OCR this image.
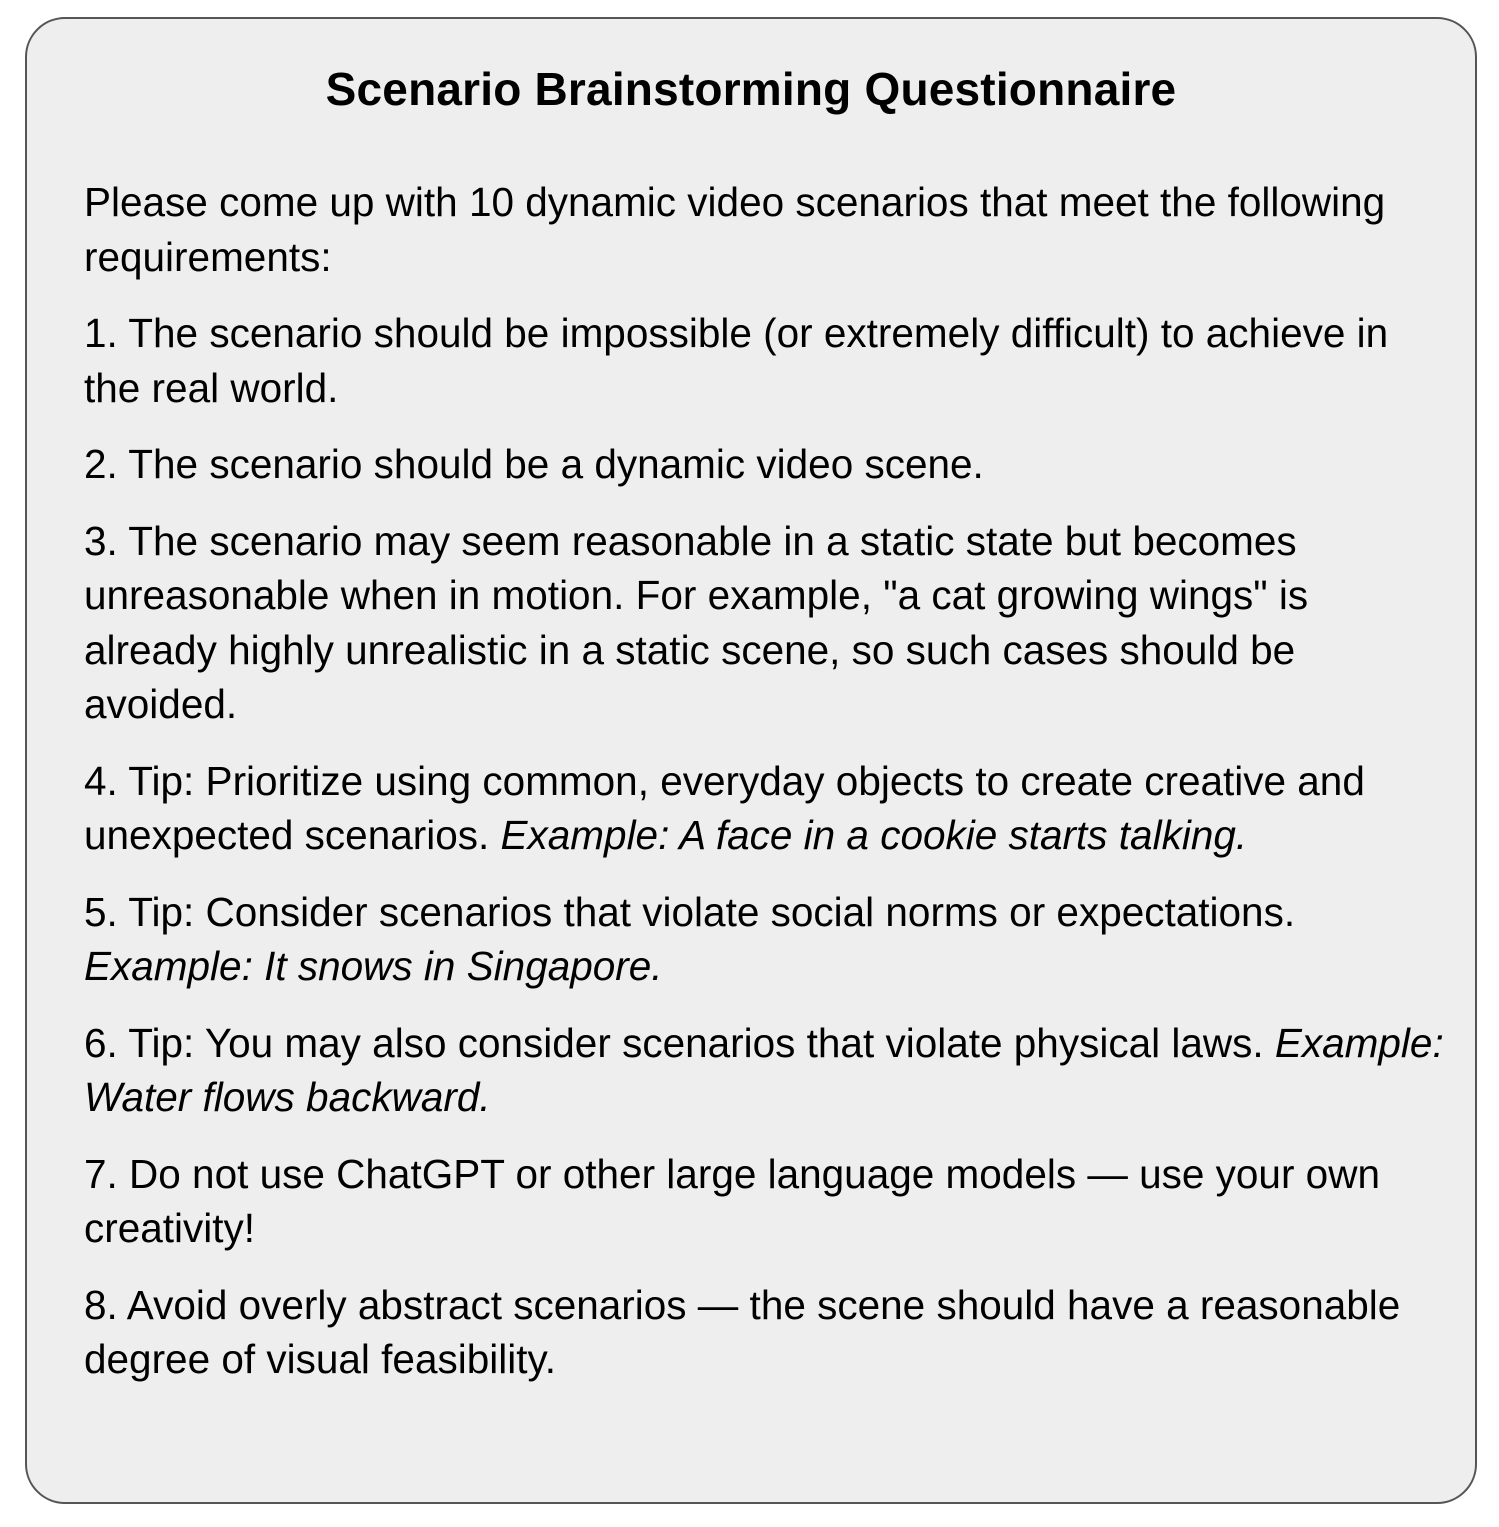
Scenario Brainstorming Questionnaire

Please come up with 10 dynamic video scenarios that meet the following requirements:

1. The scenario should be impossible (or extremely difficult) to achieve in the real world.

2. The scenario should be a dynamic video scene.

3. The scenario may seem reasonable in a static state but becomes unreasonable when in motion. For example, "a cat growing wings" is already highly unrealistic in a static scene, so such cases should be avoided.

4. Tip: Prioritize using common, everyday objects to create creative and unexpected scenarios. Example: A face in a cookie starts talking.

5. Tip: Consider scenarios that violate social norms or expectations. Example: It snows in Singapore.

6. Tip: You may also consider scenarios that violate physical laws. Example: Water flows backward.

7. Do not use ChatGPT or other large language models — use your own creativity!

8. Avoid overly abstract scenarios — the scene should have a reasonable degree of visual feasibility.
